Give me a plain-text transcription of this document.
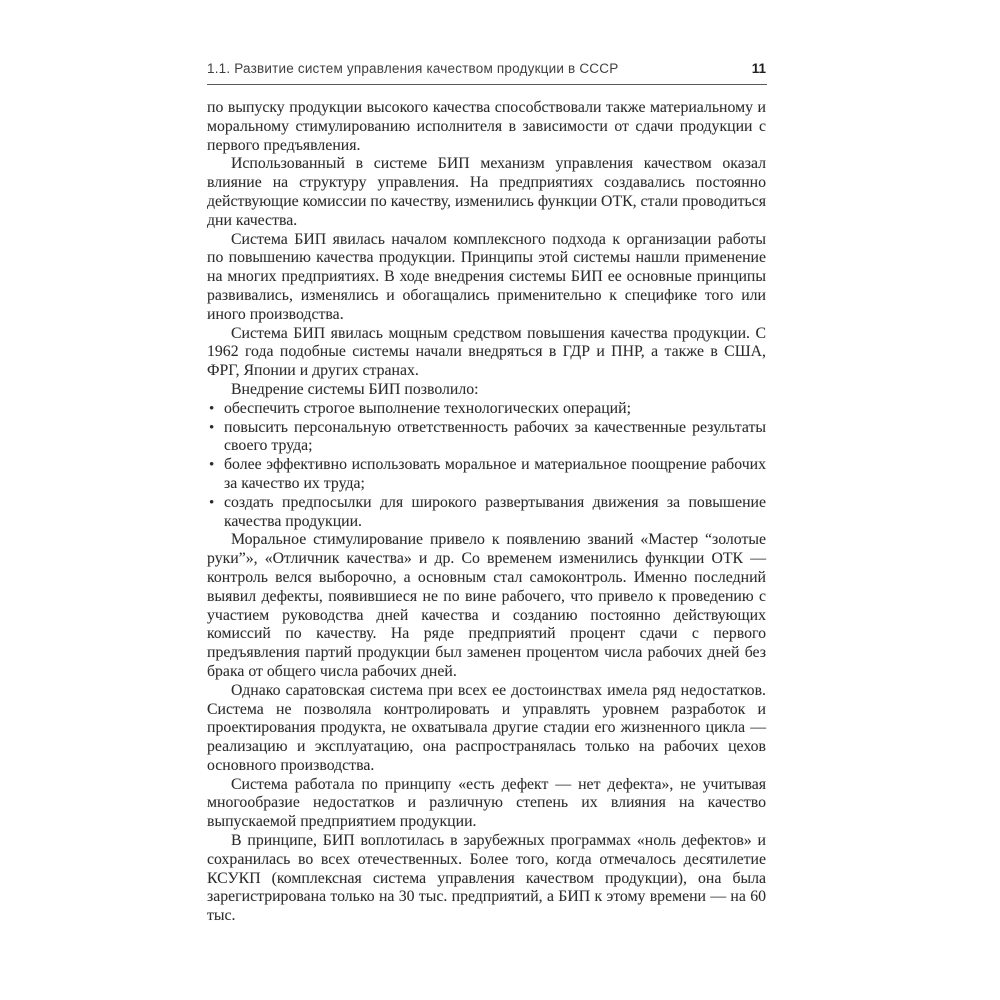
1.1. Развитие систем управления качеством продукции в СССР	11

по выпуску продукции высокого качества способствовали также материальному и моральному стимулированию исполнителя в зависимости от сдачи продукции с первого предъявления.

Использованный в системе БИП механизм управления качеством оказал влияние на структуру управления. На предприятиях создавались постоянно действующие комиссии по качеству, изменились функции ОТК, стали проводиться дни качества.

Система БИП явилась началом комплексного подхода к организации работы по повышению качества продукции. Принципы этой системы нашли применение на многих предприятиях. В ходе внедрения системы БИП ее основные принципы развивались, изменялись и обогащались применительно к специфике того или иного производства.

Система БИП явилась мощным средством повышения качества продукции. С 1962 года подобные системы начали внедряться в ГДР и ПНР, а также в США, ФРГ, Японии и других странах.

Внедрение системы БИП позволило:

• обеспечить строгое выполнение технологических операций;
• повысить персональную ответственность рабочих за качественные результаты своего труда;
• более эффективно использовать моральное и материальное поощрение рабочих за качество их труда;
• создать предпосылки для широкого развертывания движения за повышение качества продукции.

Моральное стимулирование привело к появлению званий «Мастер “золотые руки”», «Отличник качества» и др. Со временем изменились функции ОТК — контроль велся выборочно, а основным стал самоконтроль. Именно последний выявил дефекты, появившиеся не по вине рабочего, что привело к проведению с участием руководства дней качества и созданию постоянно действующих комиссий по качеству. На ряде предприятий процент сдачи с первого предъявления партий продукции был заменен процентом числа рабочих дней без брака от общего числа рабочих дней.

Однако саратовская система при всех ее достоинствах имела ряд недостатков. Система не позволяла контролировать и управлять уровнем разработок и проектирования продукта, не охватывала другие стадии его жизненного цикла — реализацию и эксплуатацию, она распространялась только на рабочих цехов основного производства.

Система работала по принципу «есть дефект — нет дефекта», не учитывая многообразие недостатков и различную степень их влияния на качество выпускаемой предприятием продукции.

В принципе, БИП воплотилась в зарубежных программах «ноль дефектов» и сохранилась во всех отечественных. Более того, когда отмечалось десятилетие КСУКП (комплексная система управления качеством продукции), она была зарегистрирована только на 30 тыс. предприятий, а БИП к этому времени — на 60 тыс.
